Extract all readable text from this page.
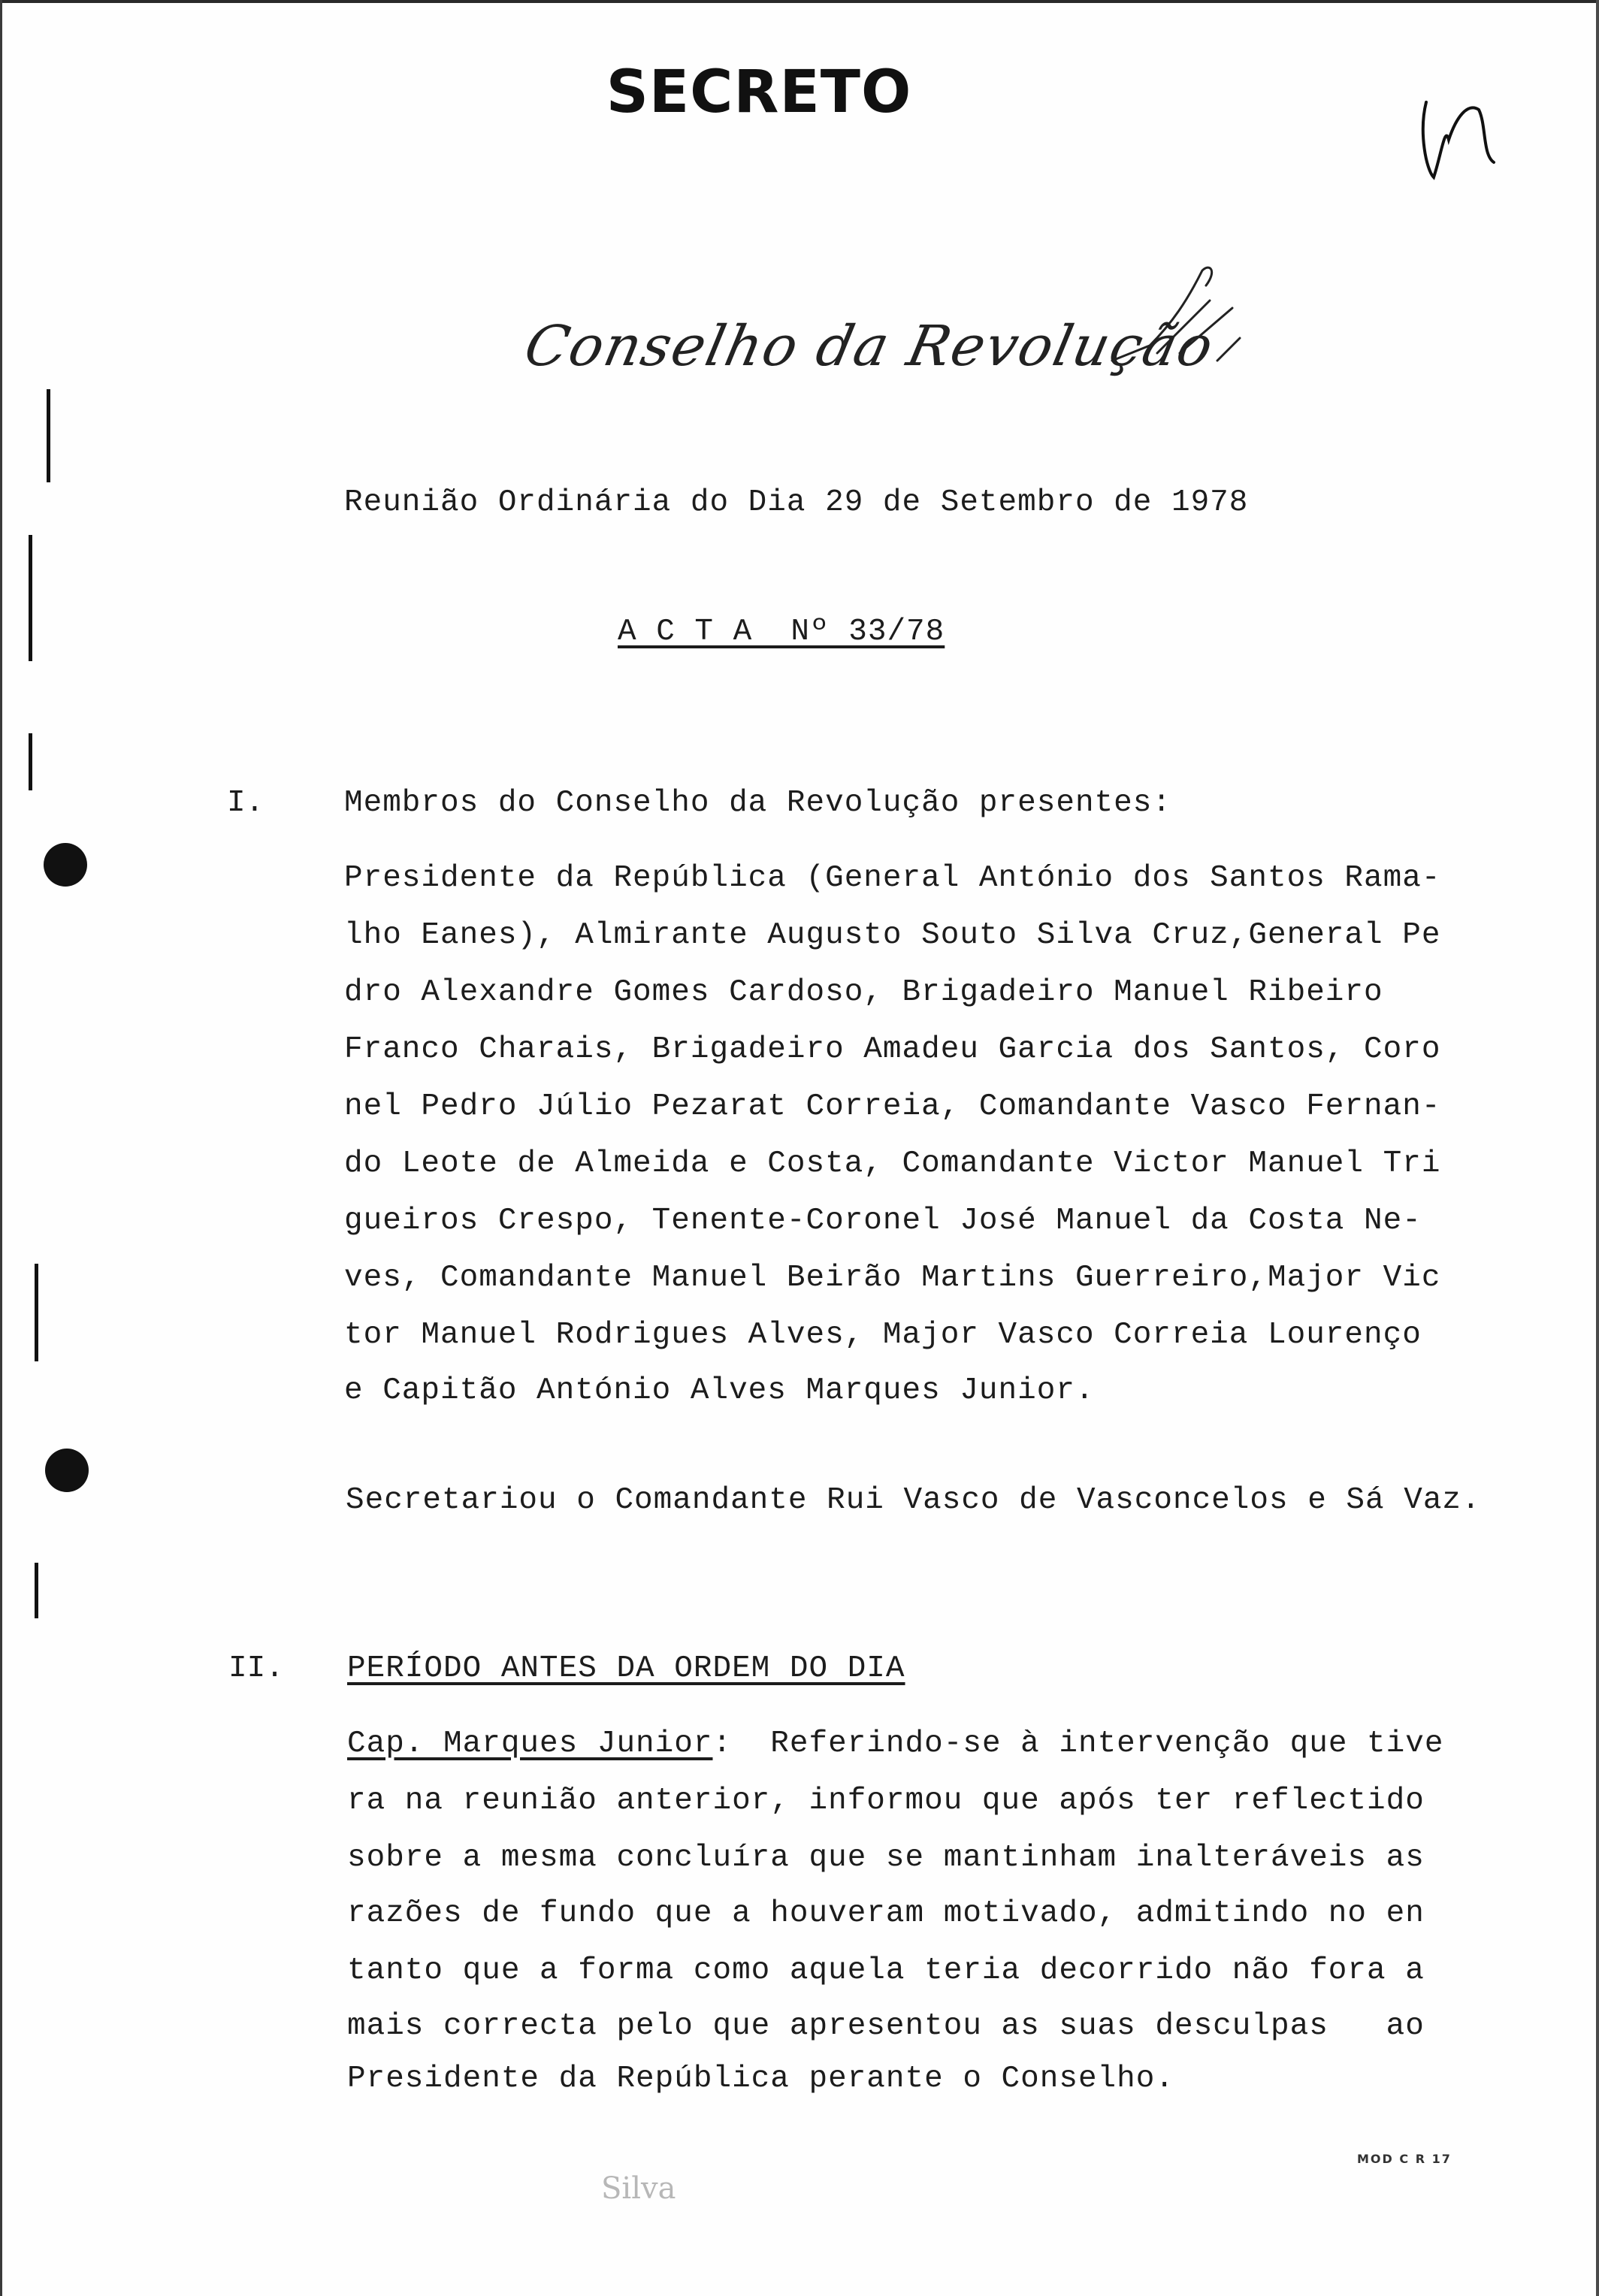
SECRETO
Conselho da Revolução
Reunião Ordinária do Dia 29 de Setembro de 1978
A C T A  Nº 33/78
I.	Membros do Conselho da Revolução presentes:
Presidente da República (General António dos Santos Rama-
lho Eanes), Almirante Augusto Souto Silva Cruz,General Pe
dro Alexandre Gomes Cardoso, Brigadeiro Manuel Ribeiro
Franco Charais, Brigadeiro Amadeu Garcia dos Santos, Coro
nel Pedro Júlio Pezarat Correia, Comandante Vasco Fernan-
do Leote de Almeida e Costa, Comandante Victor Manuel Tri
gueiros Crespo, Tenente-Coronel José Manuel da Costa Ne-
ves, Comandante Manuel Beirão Martins Guerreiro,Major Vic
tor Manuel Rodrigues Alves, Major Vasco Correia Lourenço
e Capitão António Alves Marques Junior.
Secretariou o Comandante Rui Vasco de Vasconcelos e Sá Vaz.
II. PERÍODO ANTES DA ORDEM DO DIA
Cap. Marques Junior:  Referindo-se à intervenção que tive
ra na reunião anterior, informou que após ter reflectido
sobre a mesma concluíra que se mantinham inalteráveis as
razões de fundo que a houveram motivado, admitindo no en
tanto que a forma como aquela teria decorrido não fora a
mais correcta pelo que apresentou as suas desculpas   ao
Presidente da República perante o Conselho.
MOD C R 17
Silva
